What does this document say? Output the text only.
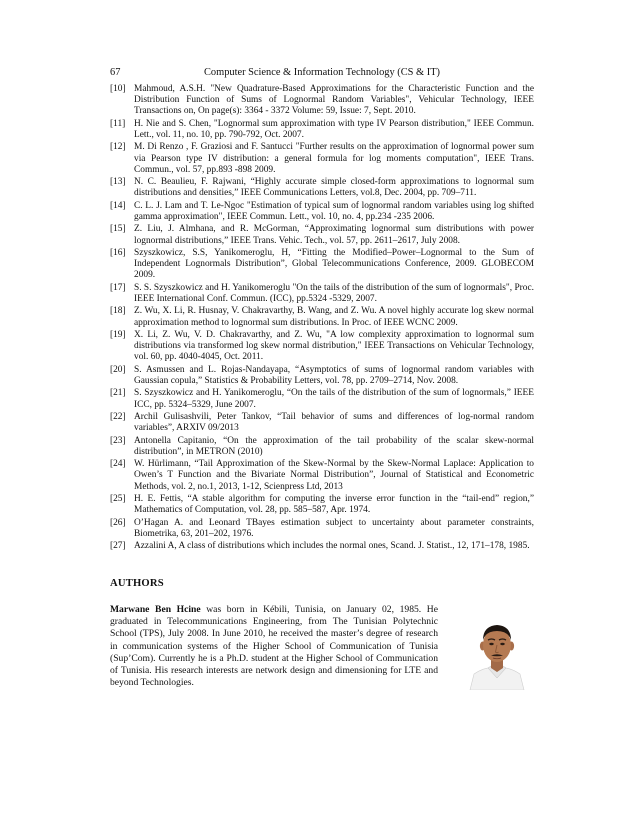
67	Computer Science & Information Technology (CS & IT)
[10] Mahmoud, A.S.H. "New Quadrature-Based Approximations for the Characteristic Function and the Distribution Function of Sums of Lognormal Random Variables", Vehicular Technology, IEEE Transactions on, On page(s): 3364 - 3372 Volume: 59, Issue: 7, Sept. 2010.
[11] H. Nie and S. Chen, "Lognormal sum approximation with type IV Pearson distribution," IEEE Commun. Lett., vol. 11, no. 10, pp. 790-792, Oct. 2007.
[12] M. Di Renzo , F. Graziosi and F. Santucci "Further results on the approximation of lognormal power sum via Pearson type IV distribution: a general formula for log moments computation", IEEE Trans. Commun., vol. 57, pp.893 -898 2009.
[13] N. C. Beaulieu, F. Rajwani, “Highly accurate simple closed-form approximations to lognormal sum distributions and densities,” IEEE Communications Letters, vol.8, Dec. 2004, pp. 709–711.
[14] C. L. J. Lam and T. Le-Ngoc "Estimation of typical sum of lognormal random variables using log shifted gamma approximation", IEEE Commun. Lett., vol. 10, no. 4, pp.234 -235 2006.
[15] Z. Liu, J. Almhana, and R. McGorman, “Approximating lognormal sum distributions with power lognormal distributions,” IEEE Trans. Vehic. Tech., vol. 57, pp. 2611–2617, July 2008.
[16] Szyszkowicz, S.S, Yanikomeroglu, H, “Fitting the Modified–Power–Lognormal to the Sum of Independent Lognormals Distribution”, Global Telecommunications Conference, 2009. GLOBECOM 2009.
[17] S. S. Szyszkowicz and H. Yanikomeroglu "On the tails of the distribution of the sum of lognormals", Proc. IEEE International Conf. Commun. (ICC), pp.5324 -5329, 2007.
[18] Z. Wu, X. Li, R. Husnay, V. Chakravarthy, B. Wang, and Z. Wu. A novel highly accurate log skew normal approximation method to lognormal sum distributions. In Proc. of IEEE WCNC 2009.
[19] X. Li, Z. Wu, V. D. Chakravarthy, and Z. Wu, "A low complexity approximation to lognormal sum distributions via transformed log skew normal distribution," IEEE Transactions on Vehicular Technology, vol. 60, pp. 4040-4045, Oct. 2011.
[20] S. Asmussen and L. Rojas-Nandayapa, “Asymptotics of sums of lognormal random variables with Gaussian copula,” Statistics & Probability Letters, vol. 78, pp. 2709–2714, Nov. 2008.
[21] S. Szyszkowicz and H. Yanikomeroglu, “On the tails of the distribution of the sum of lognormals,” IEEE ICC, pp. 5324–5329, June 2007.
[22] Archil Gulisashvili, Peter Tankov, “Tail behavior of sums and differences of log-normal random variables”, ARXIV 09/2013
[23] Antonella Capitanio, “On the approximation of the tail probability of the scalar skew-normal distribution”, in METRON (2010)
[24] W. Hürlimann, “Tail Approximation of the Skew-Normal by the Skew-Normal Laplace: Application to Owen’s T Function and the Bivariate Normal Distribution”, Journal of Statistical and Econometric Methods, vol. 2, no.1, 2013, 1-12, Scienpress Ltd, 2013
[25] H. E. Fettis, “A stable algorithm for computing the inverse error function in the “tail-end” region,” Mathematics of Computation, vol. 28, pp. 585–587, Apr. 1974.
[26] O’Hagan A. and Leonard TBayes estimation subject to uncertainty about parameter constraints, Biometrika, 63, 201–202, 1976.
[27] Azzalini A, A class of distributions which includes the normal ones, Scand. J. Statist., 12, 171–178, 1985.
AUTHORS

Marwane Ben Hcine was born in Kébili, Tunisia, on January 02, 1985. He graduated in Telecommunications Engineering, from The Tunisian Polytechnic School (TPS), July 2008. In June 2010, he received the master’s degree of research in communication systems of the Higher School of Communication of Tunisia (Sup’Com). Currently he is a Ph.D. student at the Higher School of Communication of Tunisia. His research interests are network design and dimensioning for LTE and beyond Technologies.
